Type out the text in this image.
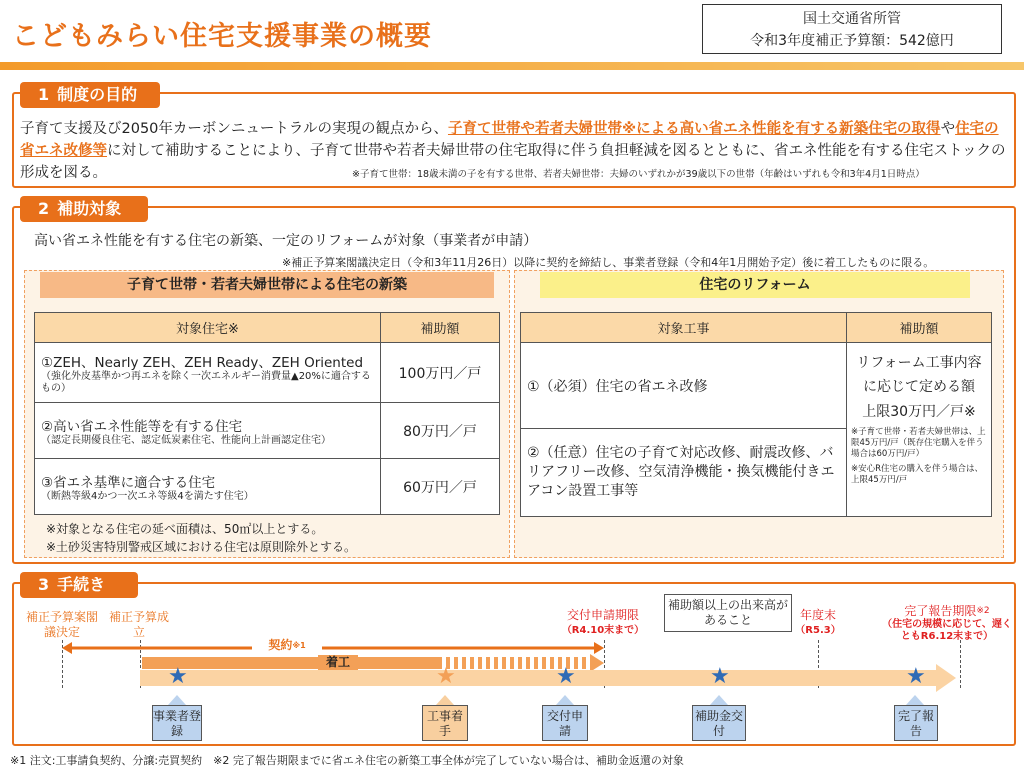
こどもみらい住宅支援事業の概要
国土交通省所管
令和3年度補正予算額：542億円
1 制度の目的
子育て支援及び2050年カーボンニュートラルの実現の観点から、子育て世帯や若者夫婦世帯※による高い省エネ性能を有する新築住宅の取得や住宅の省エネ改修等に対して補助することにより、子育て世帯や若者夫婦世帯の住宅取得に伴う負担軽減を図るとともに、省エネ性能を有する住宅ストックの形成を図る。	※子育て世帯：18歳未満の子を有する世帯、若者夫婦世帯：夫婦のいずれかが39歳以下の世帯（年齢はいずれも令和3年4月1日時点）
2 補助対象
高い省エネ性能を有する住宅の新築、一定のリフォームが対象（事業者が申請）
※補正予算案閣議決定日（令和3年11月26日）以降に契約を締結し、事業者登録（令和4年1月開始予定）後に着工したものに限る。
子育て世帯・若者夫婦世帯による住宅の新築
対象住宅※	補助額

①ZEH、Nearly ZEH、ZEH Ready、ZEH Oriented
（強化外皮基準かつ再エネを除く一次エネルギー消費量▲20%に適合するもの）	100万円／戸

②高い省エネ性能等を有する住宅
（認定長期優良住宅、認定低炭素住宅、性能向上計画認定住宅）	80万円／戸

③省エネ基準に適合する住宅
（断熱等級4かつ一次エネ等級4を満たす住宅）	60万円／戸
※対象となる住宅の延べ面積は、50㎡以上とする。
※土砂災害特別警戒区域における住宅は原則除外とする。
住宅のリフォーム
対象工事	補助額
①（必須）住宅の省エネ改修	リフォーム工事内容に応じて定める額
上限30万円／戸※
※子育て世帯・若者夫婦世帯は、上限45万円/戸（既存住宅購入を伴う場合は60万円/戸）
※安心R住宅の購入を伴う場合は、上限45万円/戸

②（任意）住宅の子育て対応改修、耐震改修、バリアフリー改修、空気清浄機能・換気機能付きエアコン設置工事等	
3 手続き
補正予算案閣議決定
補正予算成立
交付申請期限
（R4.10末まで）
補助額以上の出来高があること	年度末
（R5.3）
完了報告期限$^{※2}$
（住宅の規模に応じて、遅くともR6.12末まで）
契約$^{※1}$
着工
★	★	★	★	★
事業者登録
工事着手
交付申請
補助金交付
完了報告
※1 注文:工事請負契約、分譲:売買契約　※2 完了報告期限までに省エネ住宅の新築工事全体が完了していない場合は、補助金返還の対象
